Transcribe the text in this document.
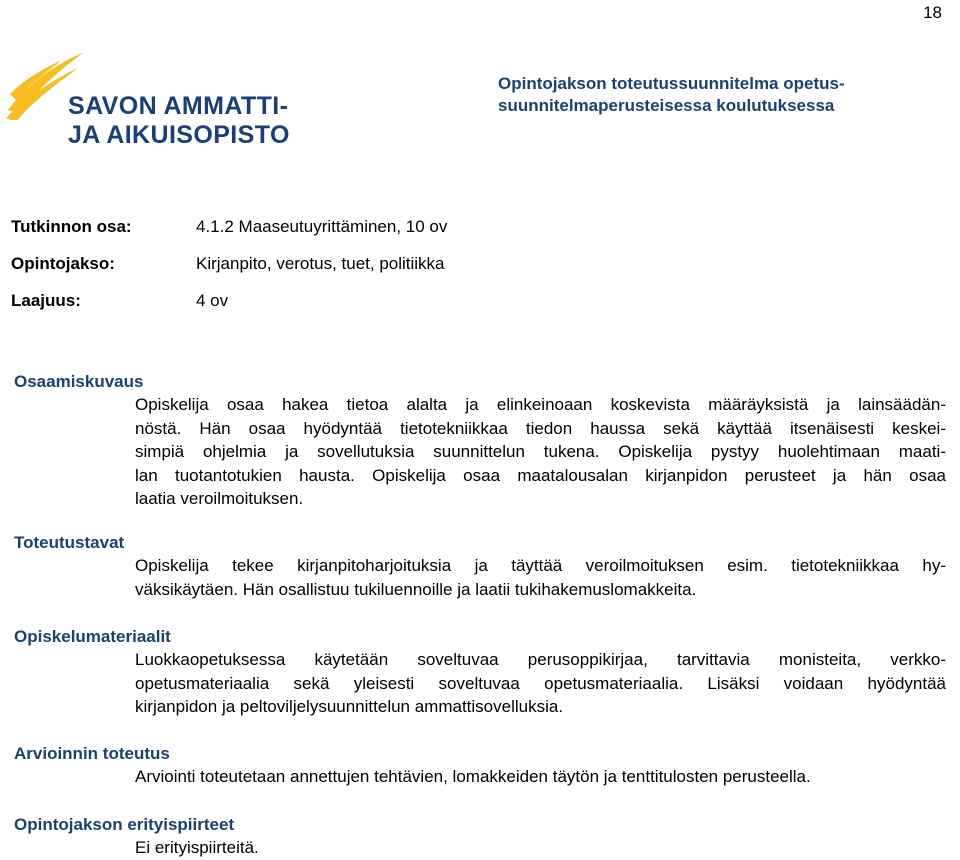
18
SAVON AMMATTI-
JA AIKUISOPISTO
Opintojakson toteutussuunnitelma opetus-
suunnitelmaperusteisessa koulutuksessa
Tutkinnon osa:	4.1.2 Maaseutuyrittäminen, 10 ov
Opintojakso:	Kirjanpito, verotus, tuet, politiikka
Laajuus:	4 ov
Osaamiskuvaus
Opiskelija osaa hakea tietoa alalta ja elinkeinoaan koskevista määräyksistä ja lainsäädän-
nöstä. Hän osaa hyödyntää tietotekniikkaa tiedon haussa sekä käyttää itsenäisesti keskei-
simpiä ohjelmia ja sovellutuksia suunnittelun tukena. Opiskelija pystyy huolehtimaan maati-
lan tuotantotukien hausta. Opiskelija osaa maatalousalan kirjanpidon perusteet ja hän osaa
laatia veroilmoituksen.
Toteutustavat
Opiskelija tekee kirjanpitoharjoituksia ja täyttää veroilmoituksen esim. tietotekniikkaa hy-
väksikäytäen. Hän osallistuu tukiluennoille ja laatii tukihakemuslomakkeita.
Opiskelumateriaalit
Luokkaopetuksessa käytetään soveltuvaa perusoppikirjaa, tarvittavia monisteita, verkko-
opetusmateriaalia sekä yleisesti soveltuvaa opetusmateriaalia. Lisäksi voidaan hyödyntää
kirjanpidon ja peltoviljelysuunnittelun ammattisovelluksia.
Arvioinnin toteutus
Arviointi toteutetaan annettujen tehtävien, lomakkeiden täytön ja tenttitulosten perusteella.
Opintojakson erityispiirteet
Ei erityispiirteitä.
